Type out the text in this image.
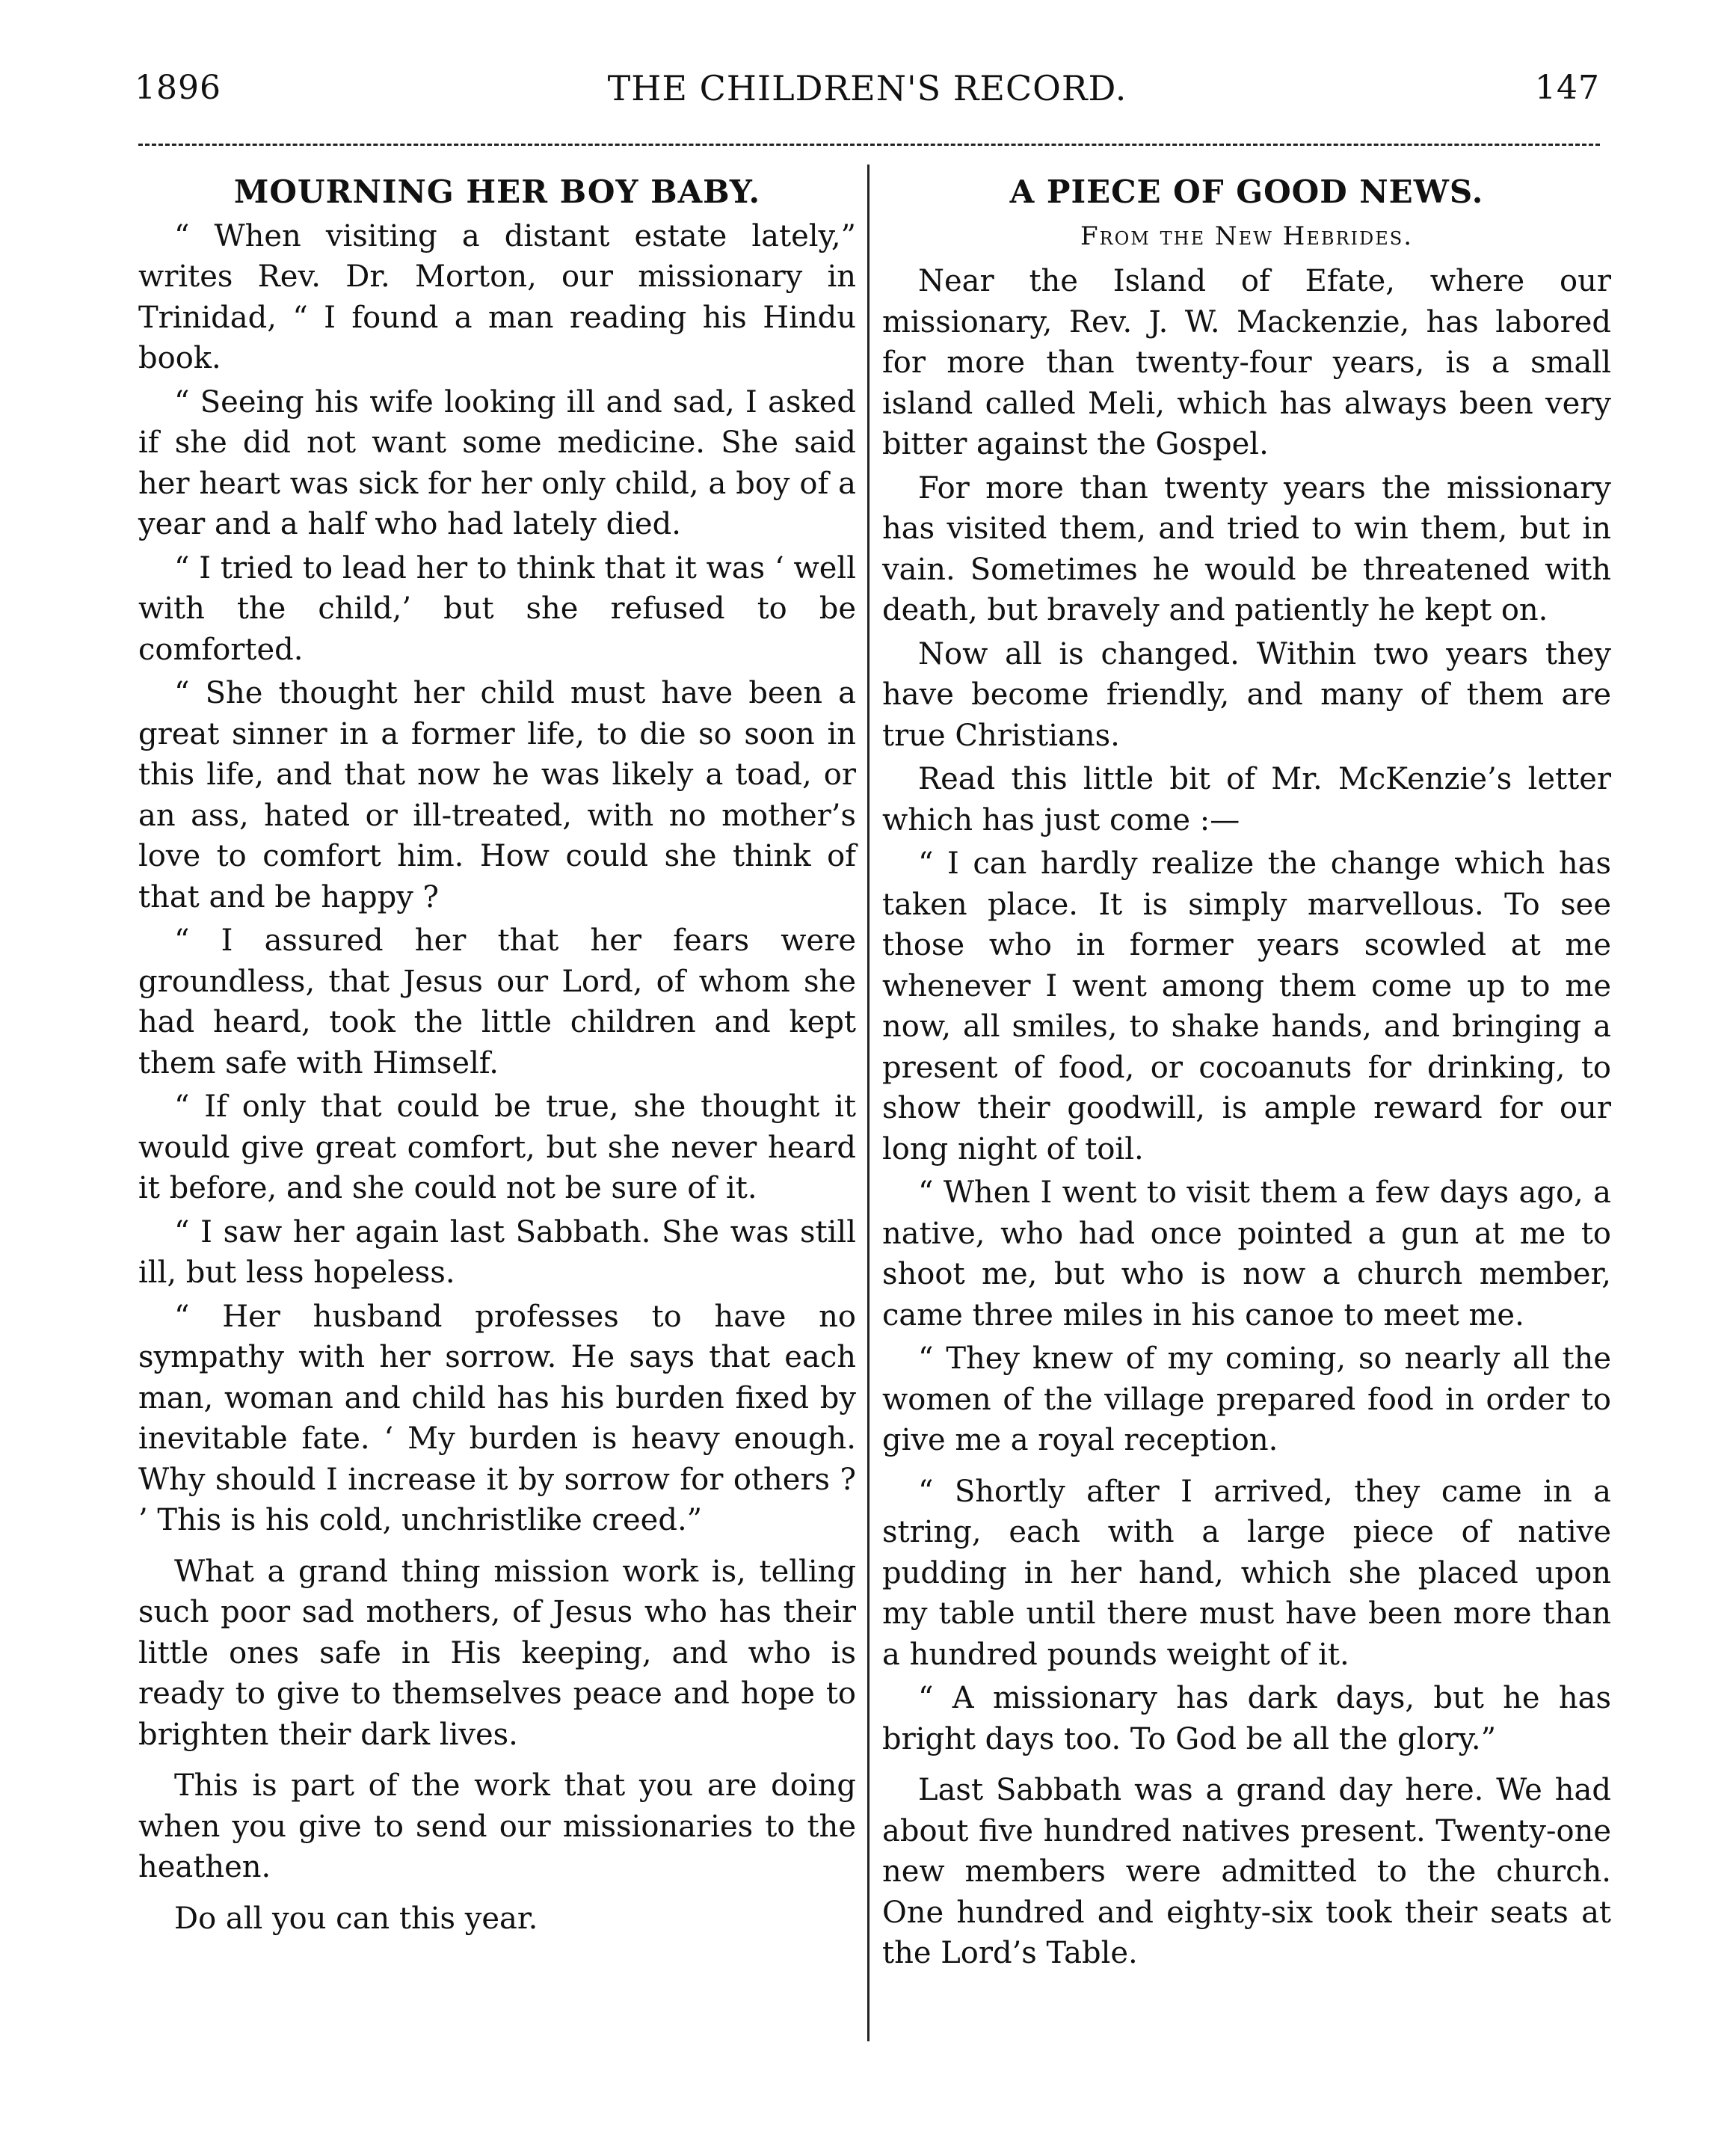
1896	THE CHILDREN'S RECORD.	147
MOURNING HER BOY BABY.

“ When visiting a distant estate lately,” writes Rev. Dr. Morton, our missionary in Trinidad, “ I found a man reading his Hindu book.

“ Seeing his wife looking ill and sad, I asked if she did not want some medicine. She said her heart was sick for her only child, a boy of a year and a half who had lately died.

“ I tried to lead her to think that it was ‘ well with the child,’ but she refused to be comforted.

“ She thought her child must have been a great sinner in a former life, to die so soon in this life, and that now he was likely a toad, or an ass, hated or ill-treated, with no mother’s love to comfort him. How could she think of that and be happy ?

“ I assured her that her fears were groundless, that Jesus our Lord, of whom she had heard, took the little children and kept them safe with Himself.

“ If only that could be true, she thought it would give great comfort, but she never heard it before, and she could not be sure of it.

“ I saw her again last Sabbath. She was still ill, but less hopeless.

“ Her husband professes to have no sympathy with her sorrow. He says that each man, woman and child has his burden fixed by inevitable fate. ‘ My burden is heavy enough. Why should I increase it by sorrow for others ? ’ This is his cold, unchristlike creed.”

What a grand thing mission work is, telling such poor sad mothers, of Jesus who has their little ones safe in His keeping, and who is ready to give to themselves peace and hope to brighten their dark lives.

This is part of the work that you are doing when you give to send our missionaries to the heathen.

Do all you can this year.

A PIECE OF GOOD NEWS.
From the New Hebrides.

Near the Island of Efate, where our missionary, Rev. J. W. Mackenzie, has labored for more than twenty-four years, is a small island called Meli, which has always been very bitter against the Gospel.

For more than twenty years the missionary has visited them, and tried to win them, but in vain. Sometimes he would be threatened with death, but bravely and patiently he kept on.

Now all is changed. Within two years they have become friendly, and many of them are true Christians.

Read this little bit of Mr. McKenzie’s letter which has just come :—

“ I can hardly realize the change which has taken place. It is simply marvellous. To see those who in former years scowled at me whenever I went among them come up to me now, all smiles, to shake hands, and bringing a present of food, or cocoanuts for drinking, to show their goodwill, is ample reward for our long night of toil.

“ When I went to visit them a few days ago, a native, who had once pointed a gun at me to shoot me, but who is now a church member, came three miles in his canoe to meet me.

“ They knew of my coming, so nearly all the women of the village prepared food in order to give me a royal reception.

“ Shortly after I arrived, they came in a string, each with a large piece of native pudding in her hand, which she placed upon my table until there must have been more than a hundred pounds weight of it.

“ A missionary has dark days, but he has bright days too. To God be all the glory.”

Last Sabbath was a grand day here. We had about five hundred natives present. Twenty-one new members were admitted to the church. One hundred and eighty-six took their seats at the Lord’s Table.
